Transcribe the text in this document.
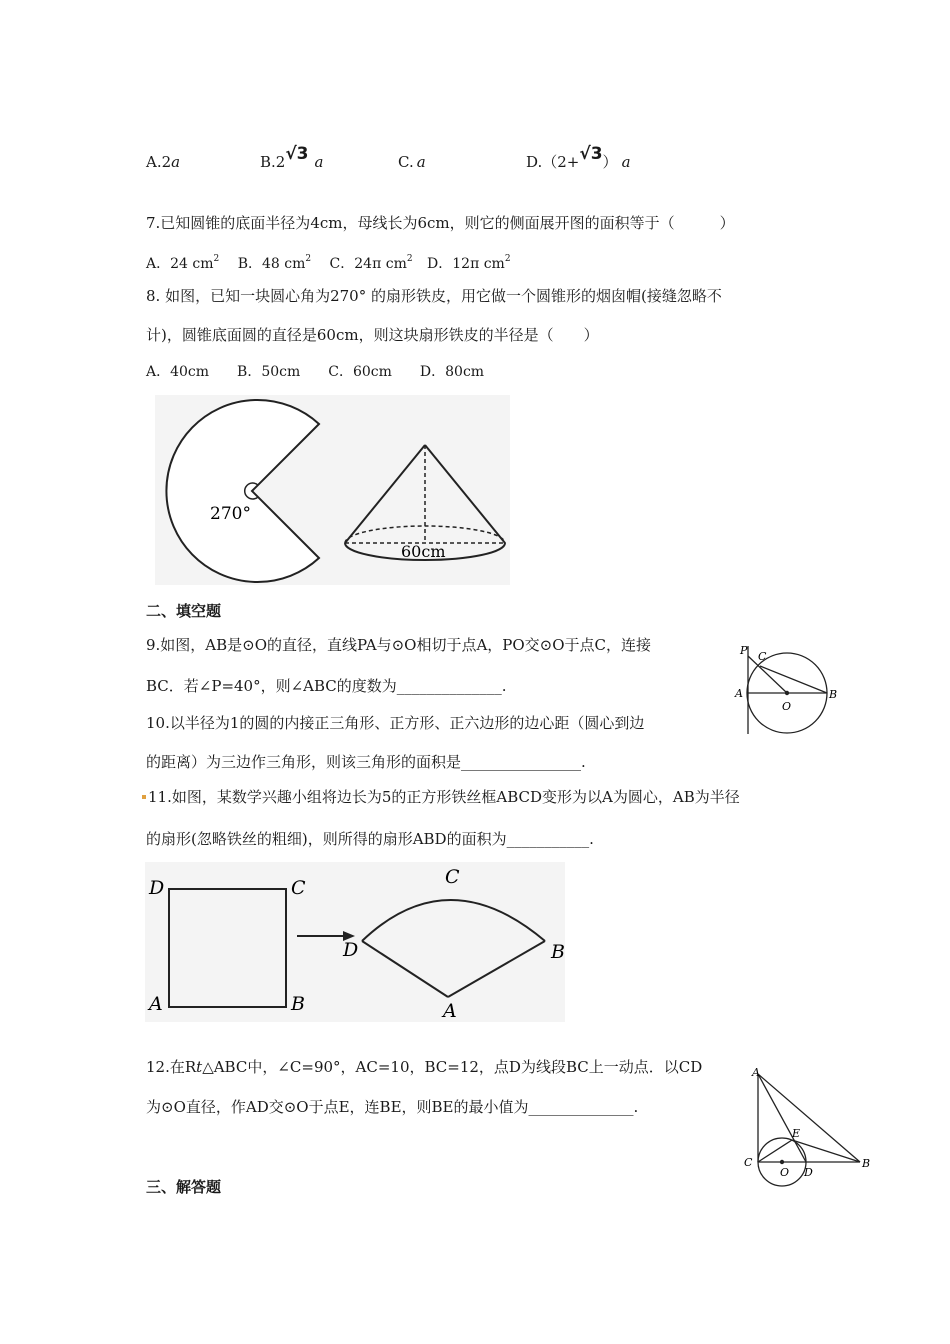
A.2a	B.2√3 a	C. a	D.（2+√3） a
7.已知圆锥的底面半径为4cm，母线长为6cm，则它的侧面展开图的面积等于（　　　）
A．24 $cm^2$ B．48 $cm^2$ C．24π $cm^2$ D．12π $cm^2$
8. 如图，已知一块圆心角为270° 的扇形铁皮，用它做一个圆锥形的烟囱帽(接缝忽略不
计)，圆锥底面圆的直径是60cm，则这块扇形铁皮的半径是（　　）
A．40cm　　B．50cm　　C．60cm　　D．80cm
270°
60cm
二、填空题
9.如图，AB是⊙O的直径，直线PA与⊙O相切于点A，PO交⊙O于点C，连接
BC．若∠P=40°，则∠ABC的度数为______________.
P C
A
O
B
10.以半径为1的圆的内接正三角形、正方形、正六边形的边心距（圆心到边
的距离）为三边作三角形，则该三角形的面积是________________.
11.如图，某数学兴趣小组将边长为5的正方形铁丝框ABCD变形为以A为圆心，AB为半径
的扇形(忽略铁丝的粗细)，则所得的扇形ABD的面积为___________.
D	C
A	B
D
C
B
A
12.在Rt△ABC中，∠C=90°，AC=10，BC=12，点D为线段BC上一动点．以CD
为⊙O直径，作AD交⊙O于点E，连BE，则BE的最小值为______________.
A
E
C
O D
B
三、解答题
